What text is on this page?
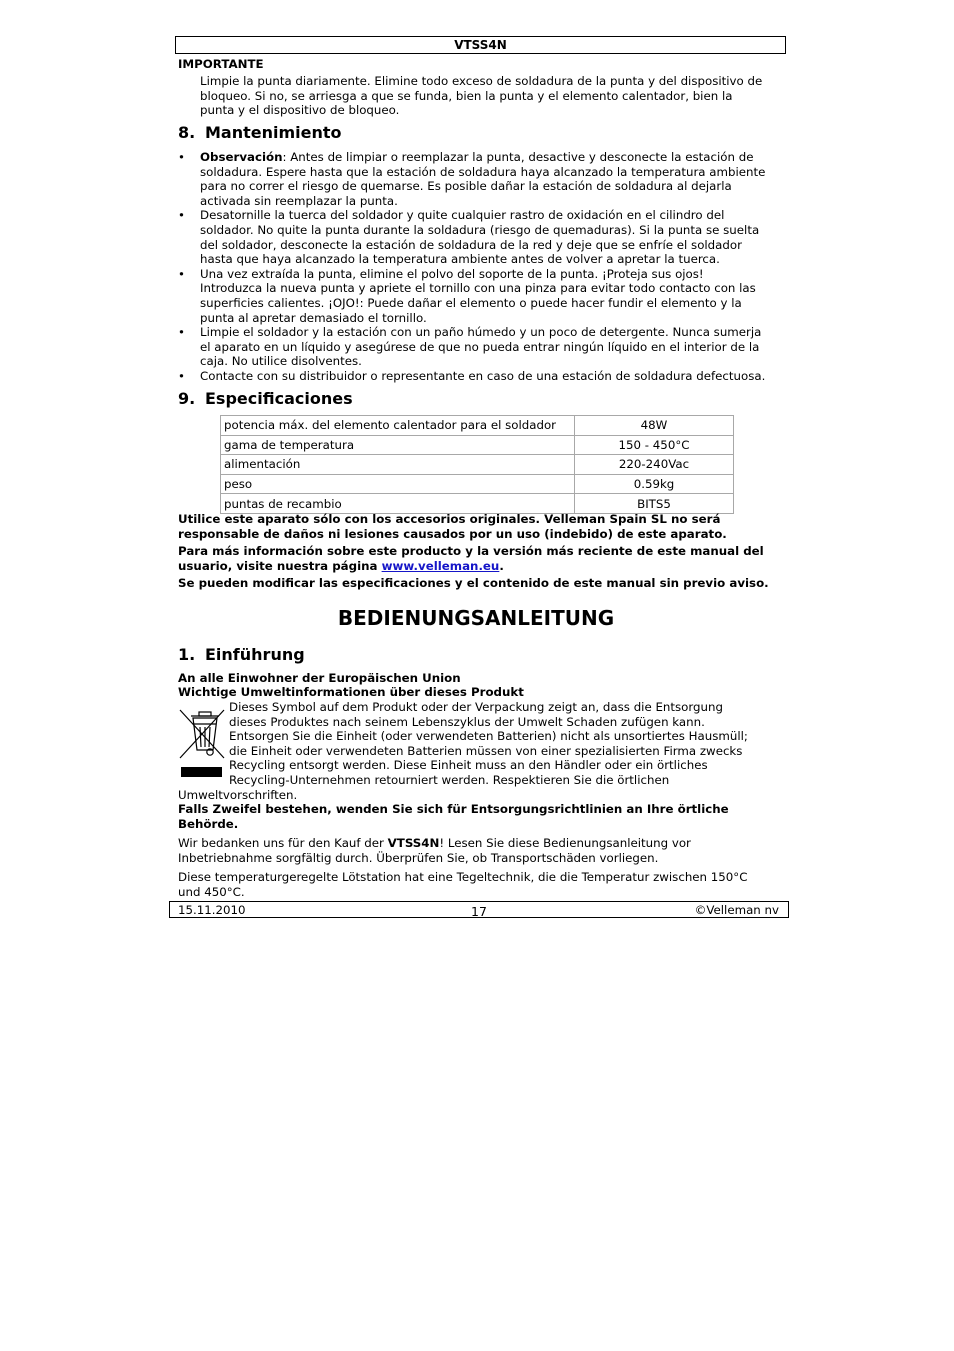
VTSS4N
IMPORTANTE
Limpie la punta diariamente. Elimine todo exceso de soldadura de la punta y del dispositivo de
bloqueo. Si no, se arriesga a que se funda, bien la punta y el elemento calentador, bien la
punta y el dispositivo de bloqueo.
8. Mantenimiento
•	Observación: Antes de limpiar o reemplazar la punta, desactive y desconecte la estación de
soldadura. Espere hasta que la estación de soldadura haya alcanzado la temperatura ambiente
para no correr el riesgo de quemarse. Es posible dañar la estación de soldadura al dejarla
activada sin reemplazar la punta.
•	Desatornille la tuerca del soldador y quite cualquier rastro de oxidación en el cilindro del
soldador. No quite la punta durante la soldadura (riesgo de quemaduras). Si la punta se suelta
del soldador, desconecte la estación de soldadura de la red y deje que se enfríe el soldador
hasta que haya alcanzado la temperatura ambiente antes de volver a apretar la tuerca.
•	Una vez extraída la punta, elimine el polvo del soporte de la punta. ¡Proteja sus ojos!
Introduzca la nueva punta y apriete el tornillo con una pinza para evitar todo contacto con las
superficies calientes. ¡OJO!: Puede dañar el elemento o puede hacer fundir el elemento y la
punta al apretar demasiado el tornillo.
•	Limpie el soldador y la estación con un paño húmedo y un poco de detergente. Nunca sumerja
el aparato en un líquido y asegúrese de que no pueda entrar ningún líquido en el interior de la
caja. No utilice disolventes.
•	Contacte con su distribuidor o representante en caso de una estación de soldadura defectuosa.
9. Especificaciones
potencia máx. del elemento calentador para el soldador	48W
gama de temperatura	150 - 450°C
alimentación	220-240Vac
peso	0.59kg
puntas de recambio	BITS5
Utilice este aparato sólo con los accesorios originales. Velleman Spain SL no será
responsable de daños ni lesiones causados por un uso (indebido) de este aparato.
Para más información sobre este producto y la versión más reciente de este manual del
usuario, visite nuestra página www.velleman.eu.
Se pueden modificar las especificaciones y el contenido de este manual sin previo aviso.
BEDIENUNGSANLEITUNG
1. Einführung
An alle Einwohner der Europäischen Union
Wichtige Umweltinformationen über dieses Produkt
Dieses Symbol auf dem Produkt oder der Verpackung zeigt an, dass die Entsorgung
dieses Produktes nach seinem Lebenszyklus der Umwelt Schaden zufügen kann.
Entsorgen Sie die Einheit (oder verwendeten Batterien) nicht als unsortiertes Hausmüll;
die Einheit oder verwendeten Batterien müssen von einer spezialisierten Firma zwecks
Recycling entsorgt werden. Diese Einheit muss an den Händler oder ein örtliches
Recycling-Unternehmen retourniert werden. Respektieren Sie die örtlichen
Umweltvorschriften.
Falls Zweifel bestehen, wenden Sie sich für Entsorgungsrichtlinien an Ihre örtliche
Behörde.
Wir bedanken uns für den Kauf der VTSS4N! Lesen Sie diese Bedienungsanleitung vor
Inbetriebnahme sorgfältig durch. Überprüfen Sie, ob Transportschäden vorliegen.
Diese temperaturgeregelte Lötstation hat eine Tegeltechnik, die die Temperatur zwischen 150°C
und 450°C.
15.11.2010	17	©Velleman nv
